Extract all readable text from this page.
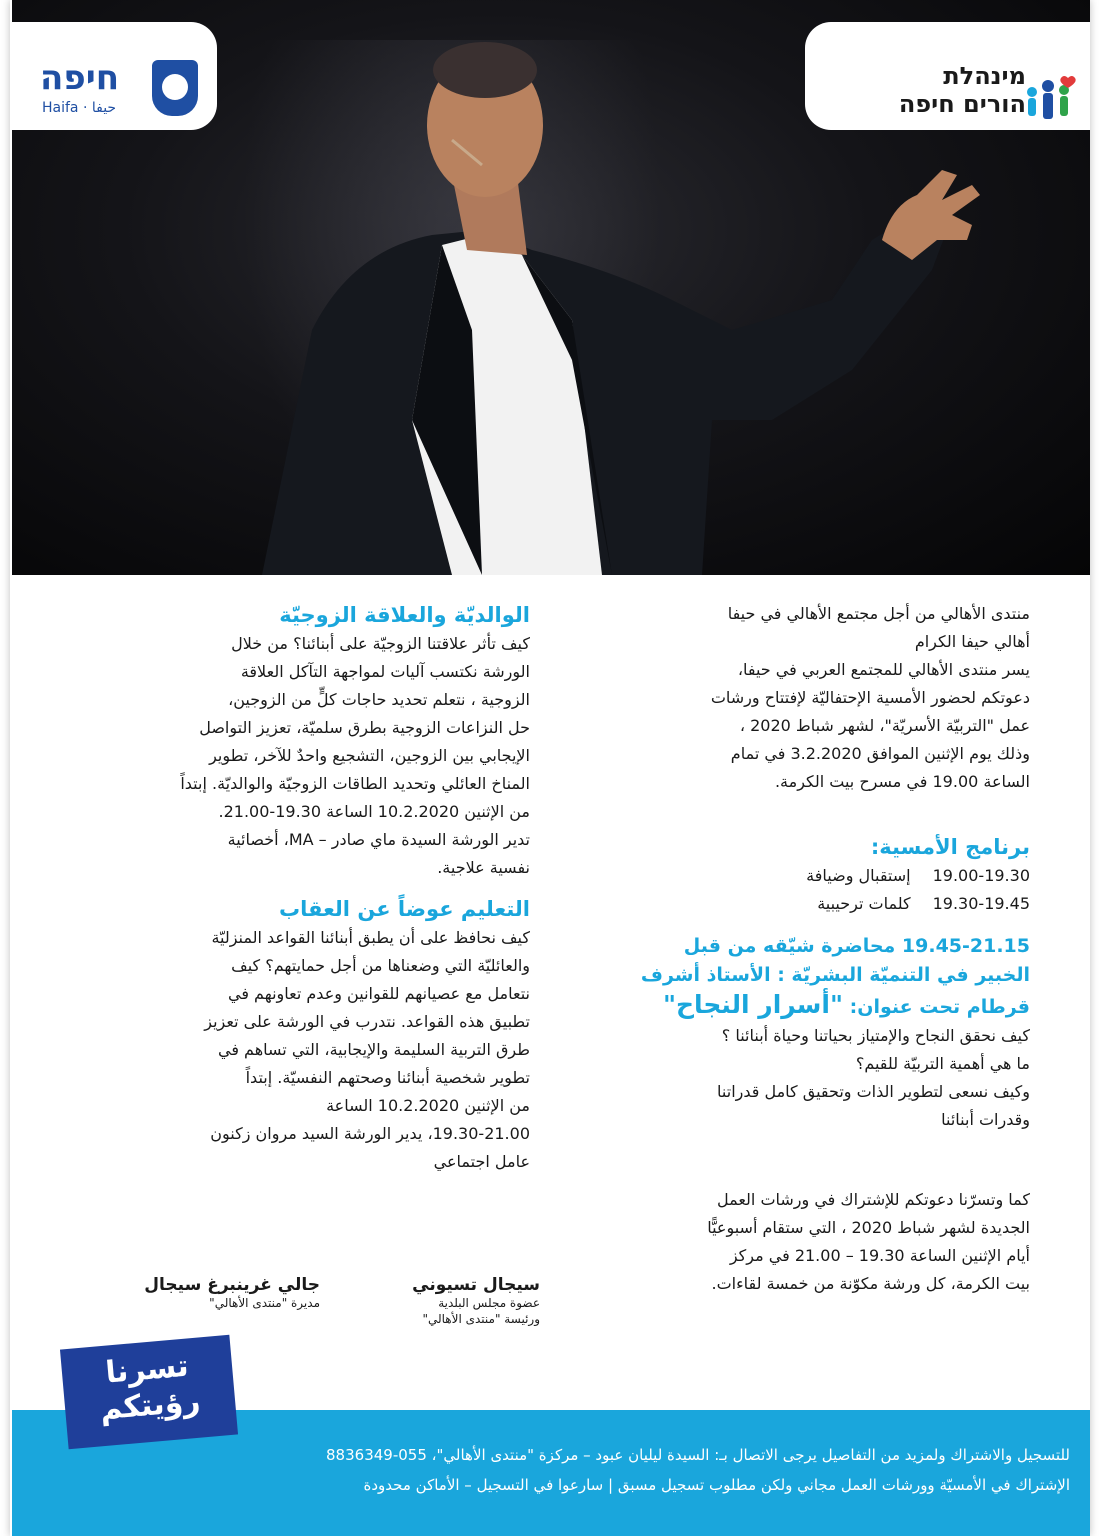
חיפה
Haifa · حيفا
מינהלת
הורים חיפה

منتدى الأهالي من أجل مجتمع الأهالي في حيفا

أهالي حيفا الكرام

يسر منتدى الأهالي للمجتمع العربي في حيفا،

دعوتكم لحضور الأمسية الإحتفاليّة لإفتتاح ورشات

عمل "التربيّة الأسريّة"، لشهر شباط 2020 ،

وذلك يوم الإثنين الموافق 3.2.2020 في تمام

الساعة 19.00 في مسرح بيت الكرمة.

برنامج الأمسية:

19.00-19.30
إستقبال وضيافة
19.30-19.45
كلمات ترحيبية

19.45-21.15 محاضرة شيّقه من قبل

الخبير في التنميّة البشريّة : الأستاذ أشرف

قرطام تحت عنوان: "أسرار النجاح"

كيف نحقق النجاح والإمتياز بحياتنا وحياة أبنائنا ؟

ما هي أهمية التربيّة للقيم؟

وكيف نسعى لتطوير الذات وتحقيق كامل قدراتنا

وقدرات أبنائنا

كما وتسرّنا دعوتكم للإشتراك في ورشات العمل

الجديدة لشهر شباط 2020 ، التي ستقام أسبوعيًّا

أيام الإثنين الساعة 19.30 – 21.00 في مركز

بيت الكرمة، كل ورشة مكوّنة من خمسة لقاءات.

الوالديّة والعلاقة الزوجيّة

كيف تأثر علاقتنا الزوجيّة على أبنائنا؟ من خلال

الورشة نكتسب آليات لمواجهة التآكل العلاقة

الزوجية ، نتعلم تحديد حاجات كلٍّ من الزوجين،

حل النزاعات الزوجية بطرق سلميّة، تعزيز التواصل

الإيجابي بين الزوجين، التشجيع واحدٌ للآخر، تطوير

المناخ العائلي وتحديد الطاقات الزوجيّة والوالديّة. إبتداً

من الإثنين 10.2.2020 الساعة 19.30-21.00.

تدير الورشة السيدة ماي صادر – MA، أخصائية

نفسية علاجية.

التعليم عوضاً عن العقاب

كيف نحافظ على أن يطبق أبنائنا القواعد المنزليّة

والعائليّة التي وضعناها من أجل حمايتهم؟ كيف

نتعامل مع عصيانهم للقوانين وعدم تعاونهم في

تطبيق هذه القواعد. نتدرب في الورشة على تعزيز

طرق التربية السليمة والإيجابية، التي تساهم في

تطوير شخصية أبنائنا وصحتهم النفسيّة. إبتداً

من الإثنين 10.2.2020 الساعة

19.30-21.00، يدير الورشة السيد مروان زكنون

عامل اجتماعي

سيجال تسيوني
عضوة مجلس البلدية
ورئيسة "منتدى الأهالي"
جالي غرينبرغ سيجال
مديرة "منتدى الأهالي"
للتسجيل والاشتراك ولمزيد من التفاصيل يرجى الاتصال بـ: السيدة ليليان عبود – مركزة "منتدى الأهالي"، 055-8836349
الإشتراك في الأمسيّة وورشات العمل مجاني ولكن مطلوب تسجيل مسبق | سارعوا في التسجيل – الأماكن محدودة
تسرنا
رؤيتكم
